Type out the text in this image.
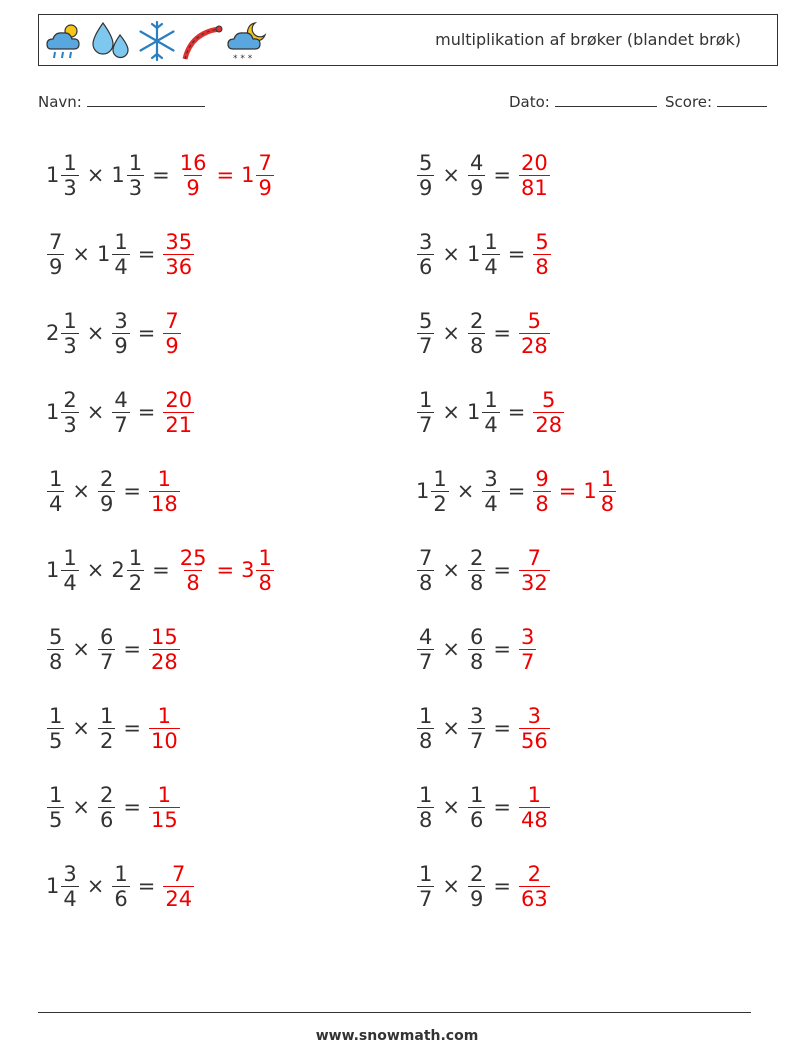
* * *
multiplikation af brøker (blandet brøk)
Navn:	Dato:	Score:
$1 \frac{1}{3} \times 1 \frac{1}{3} = \frac{16}{9} = 1 \frac{7}{9}$	$\frac{5}{9} \times \frac{4}{9} = \frac{20}{81}$
$\frac{7}{9} \times 1 \frac{1}{4} = \frac{35}{36}$	$\frac{3}{6} \times 1 \frac{1}{4} = \frac{5}{8}$
$2 \frac{1}{3} \times \frac{3}{9} = \frac{7}{9}$	$\frac{5}{7} \times \frac{2}{8} = \frac{5}{28}$
$1 \frac{2}{3} \times \frac{4}{7} = \frac{20}{21}$	$\frac{1}{7} \times 1 \frac{1}{4} = \frac{5}{28}$
$\frac{1}{4} \times \frac{2}{9} = \frac{1}{18}$	$1 \frac{1}{2} \times \frac{3}{4} = \frac{9}{8} = 1 \frac{1}{8}$
$1 \frac{1}{4} \times 2 \frac{1}{2} = \frac{25}{8} = 3 \frac{1}{8}$	$\frac{7}{8} \times \frac{2}{8} = \frac{7}{32}$
$\frac{5}{8} \times \frac{6}{7} = \frac{15}{28}$	$\frac{4}{7} \times \frac{6}{8} = \frac{3}{7}$
$\frac{1}{5} \times \frac{1}{2} = \frac{1}{10}$	$\frac{1}{8} \times \frac{3}{7} = \frac{3}{56}$
$\frac{1}{5} \times \frac{2}{6} = \frac{1}{15}$	$\frac{1}{8} \times \frac{1}{6} = \frac{1}{48}$
$1 \frac{3}{4} \times \frac{1}{6} = \frac{7}{24}$	$\frac{1}{7} \times \frac{2}{9} = \frac{2}{63}$
www.snowmath.com
